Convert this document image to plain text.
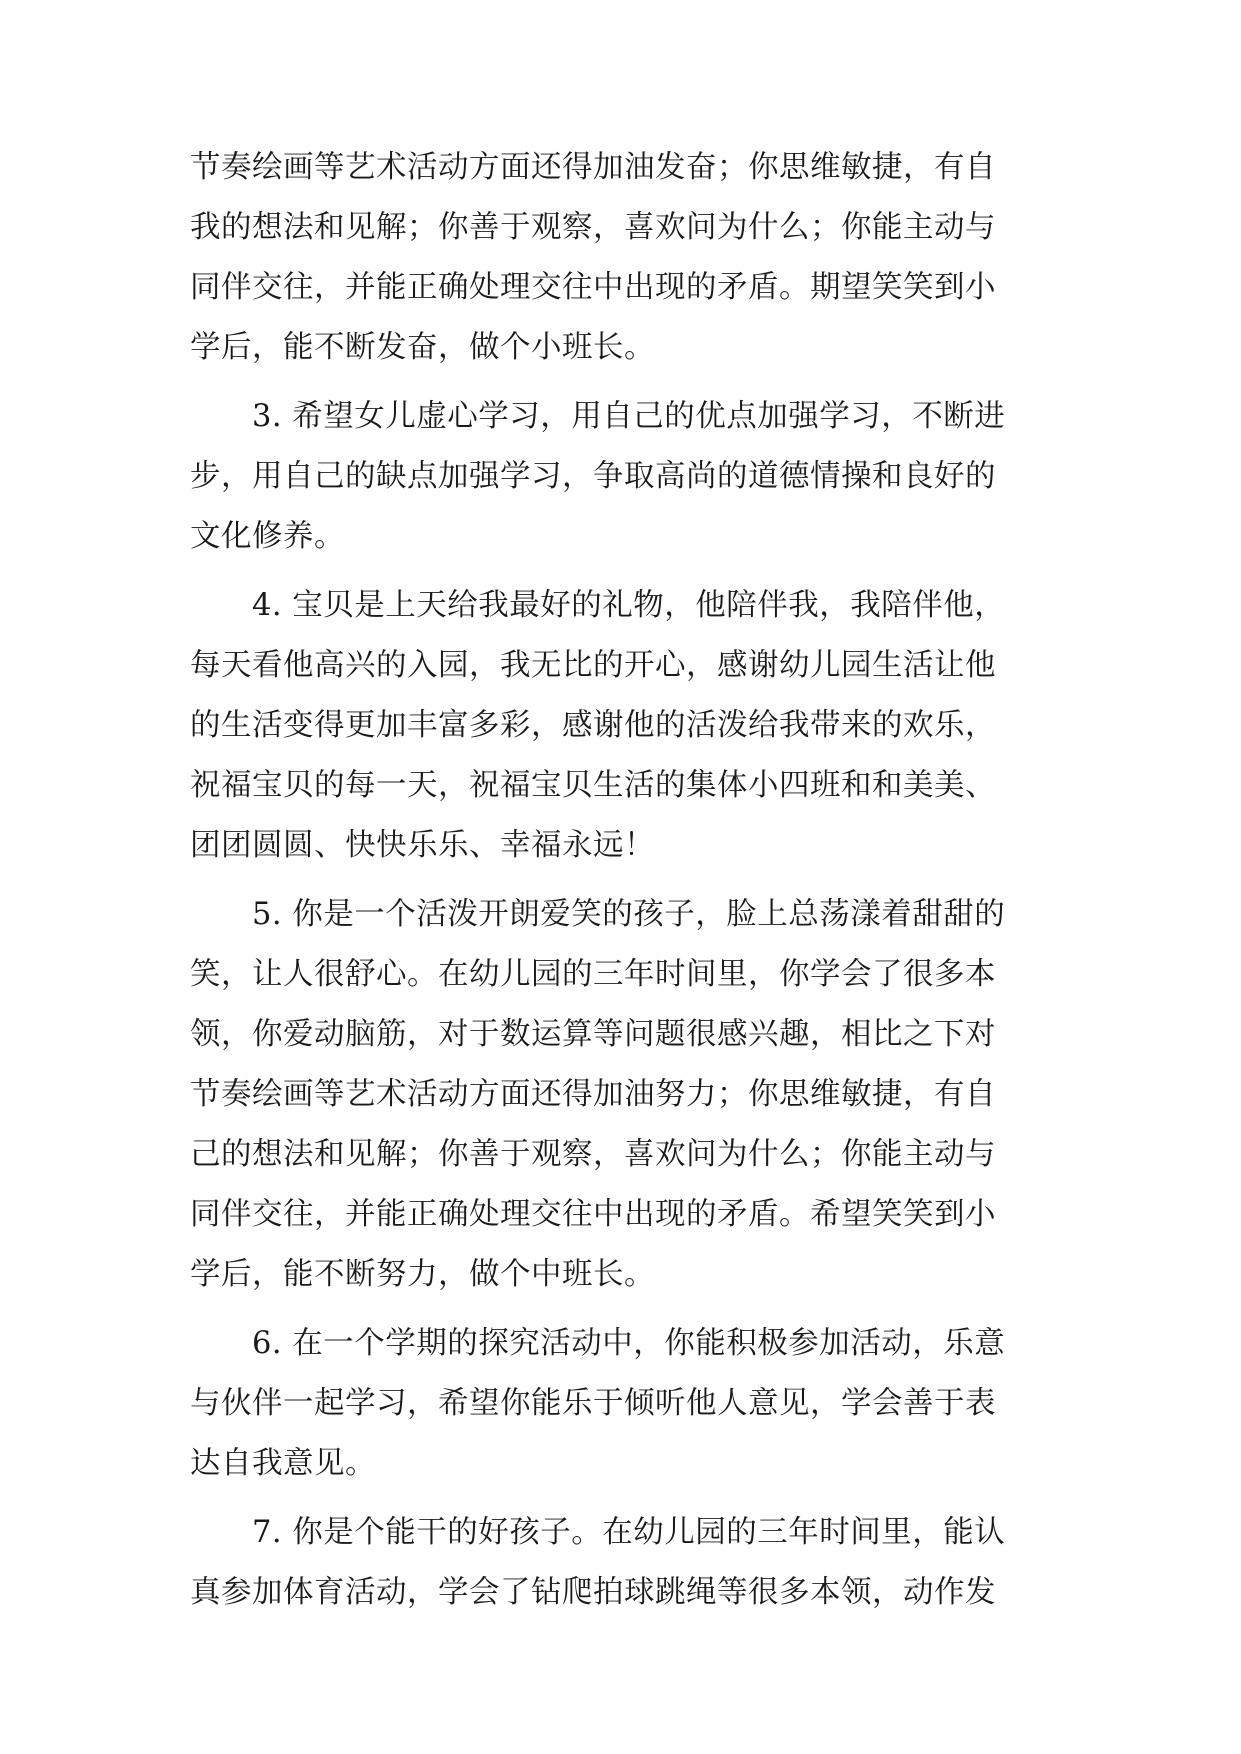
节奏绘画等艺术活动方面还得加油发奋；你思维敏捷，有自
我的想法和见解；你善于观察，喜欢问为什么；你能主动与
同伴交往，并能正确处理交往中出现的矛盾。期望笑笑到小
学后，能不断发奋，做个小班长。
3. 希望女儿虚心学习，用自己的优点加强学习，不断进
步，用自己的缺点加强学习，争取高尚的道德情操和良好的
文化修养。
4. 宝贝是上天给我最好的礼物，他陪伴我，我陪伴他，
每天看他高兴的入园，我无比的开心，感谢幼儿园生活让他
的生活变得更加丰富多彩，感谢他的活泼给我带来的欢乐，
祝福宝贝的每一天，祝福宝贝生活的集体小四班和和美美、
团团圆圆、快快乐乐、幸福永远！
5. 你是一个活泼开朗爱笑的孩子，脸上总荡漾着甜甜的
笑，让人很舒心。在幼儿园的三年时间里，你学会了很多本
领，你爱动脑筋，对于数运算等问题很感兴趣，相比之下对
节奏绘画等艺术活动方面还得加油努力；你思维敏捷，有自
己的想法和见解；你善于观察，喜欢问为什么；你能主动与
同伴交往，并能正确处理交往中出现的矛盾。希望笑笑到小
学后，能不断努力，做个中班长。
6. 在一个学期的探究活动中，你能积极参加活动，乐意
与伙伴一起学习，希望你能乐于倾听他人意见，学会善于表
达自我意见。
7. 你是个能干的好孩子。在幼儿园的三年时间里，能认
真参加体育活动，学会了钻爬拍球跳绳等很多本领，动作发
